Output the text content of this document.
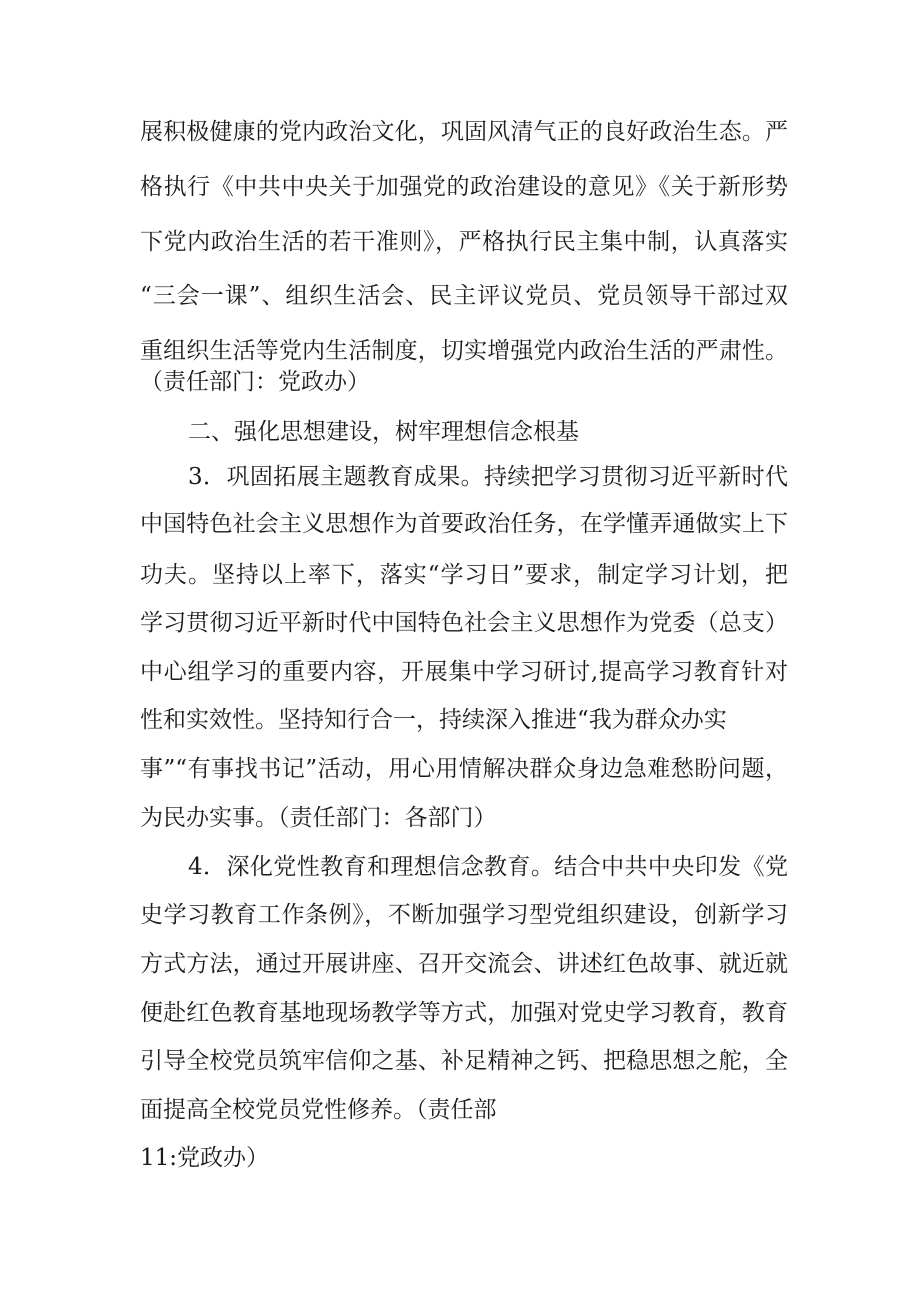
展积极健康的党内政治文化，巩固风清气正的良好政治生态。严
格执行《中共中央关于加强党的政治建设的意见》《关于新形势
下党内政治生活的若干准则》，严格执行民主集中制，认真落实
“三会一课”、组织生活会、民主评议党员、党员领导干部过双
重组织生活等党内生活制度，切实增强党内政治生活的严肃性。
（责任部门：党政办）
二、强化思想建设，树牢理想信念根基
3．巩固拓展主题教育成果。持续把学习贯彻习近平新时代
中国特色社会主义思想作为首要政治任务，在学懂弄通做实上下
功夫。坚持以上率下，落实“学习日”要求，制定学习计划，把
学习贯彻习近平新时代中国特色社会主义思想作为党委（总支）
中心组学习的重要内容，开展集中学习研讨,提高学习教育针对
性和实效性。坚持知行合一，持续深入推进“我为群众办实
事”“有事找书记”活动，用心用情解决群众身边急难愁盼问题，
为民办实事。（责任部门：各部门）
4．深化党性教育和理想信念教育。结合中共中央印发《党
史学习教育工作条例》，不断加强学习型党组织建设，创新学习
方式方法，通过开展讲座、召开交流会、讲述红色故事、就近就
便赴红色教育基地现场教学等方式，加强对党史学习教育，教育
引导全校党员筑牢信仰之基、补足精神之钙、把稳思想之舵，全
面提高全校党员党性修养。（责任部
11:党政办）
